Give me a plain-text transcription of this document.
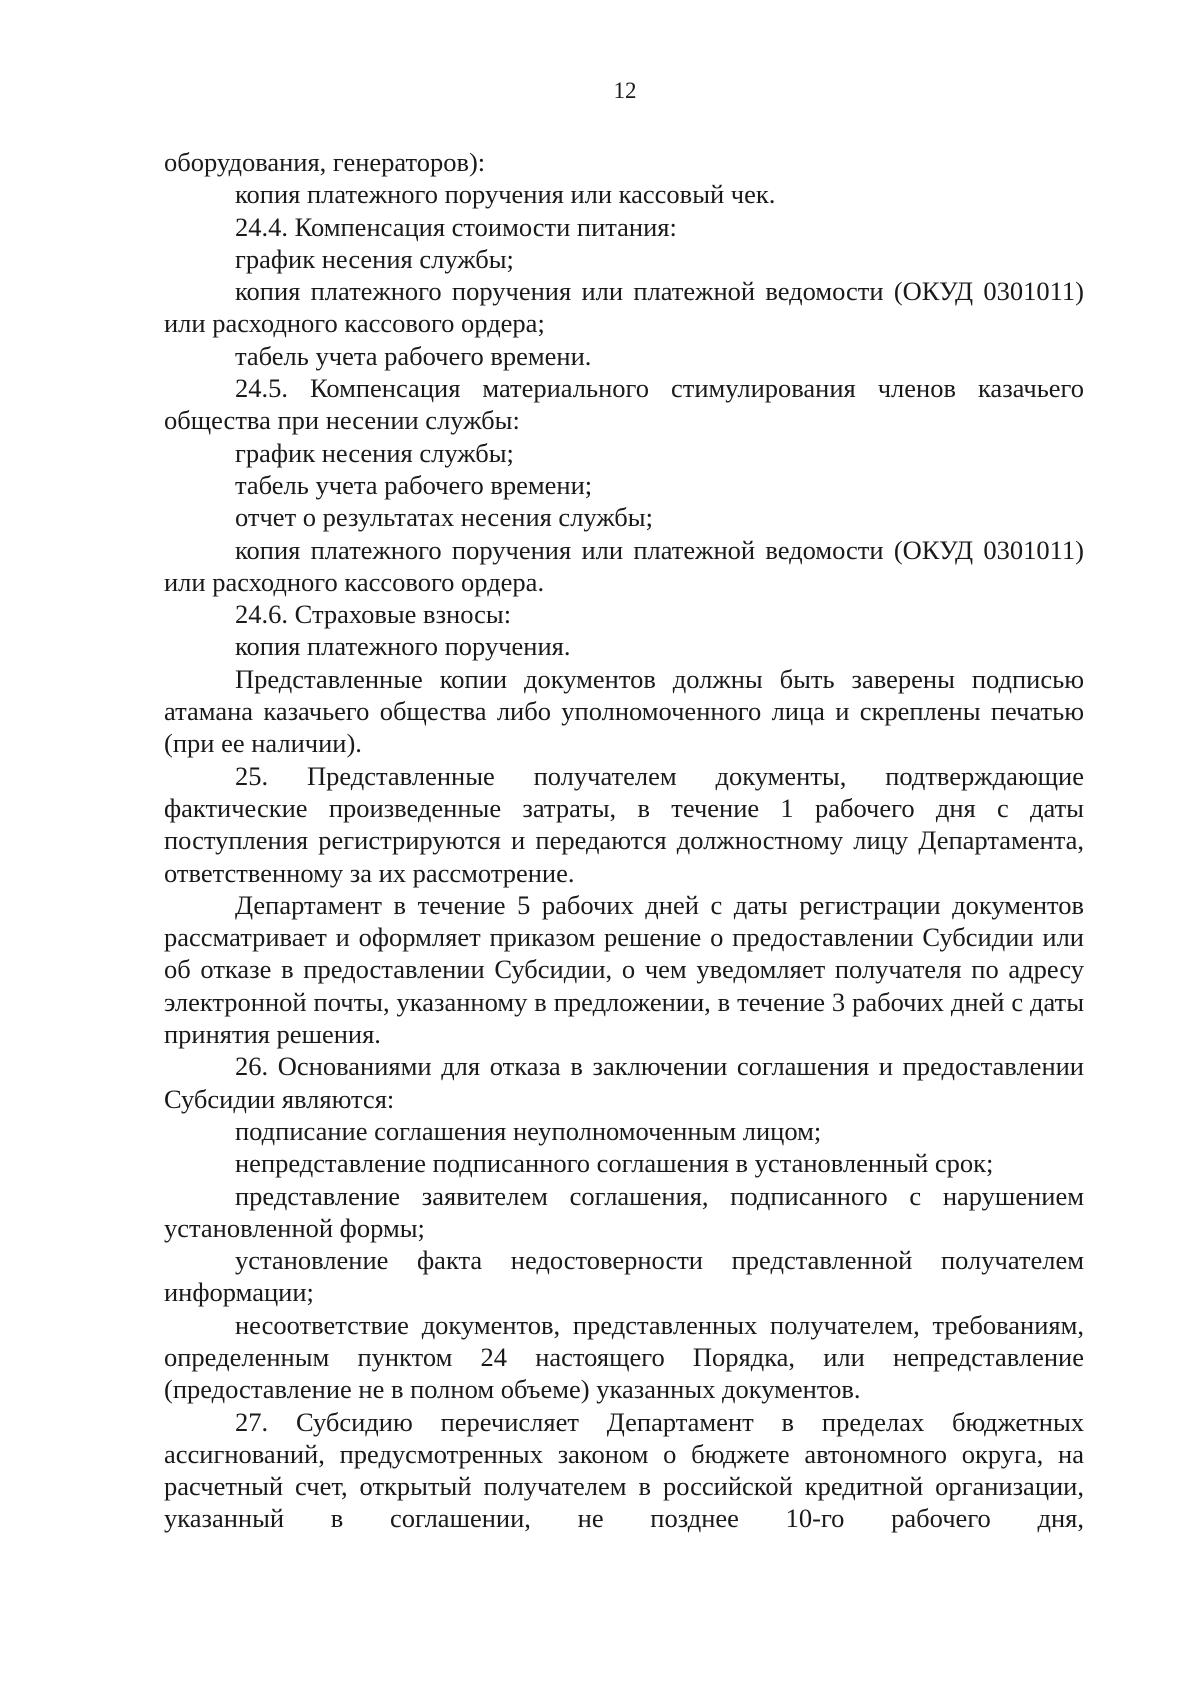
12

оборудования, генераторов):

копия платежного поручения или кассовый чек.

24.4. Компенсация стоимости питания:

график несения службы;

копия платежного поручения или платежной ведомости (ОКУД 0301011) или расходного кассового ордера;

табель учета рабочего времени.

24.5. Компенсация материального стимулирования членов казачьего общества при несении службы:

график несения службы;

табель учета рабочего времени;

отчет о результатах несения службы;

копия платежного поручения или платежной ведомости (ОКУД 0301011) или расходного кассового ордера.

24.6. Страховые взносы:

копия платежного поручения.

Представленные копии документов должны быть заверены подписью атамана казачьего общества либо уполномоченного лица и скреплены печатью (при ее наличии).

25. Представленные получателем документы, подтверждающие фактические произведенные затраты, в течение 1 рабочего дня с даты поступления регистрируются и передаются должностному лицу Департамента, ответственному за их рассмотрение.

Департамент в течение 5 рабочих дней с даты регистрации документов рассматривает и оформляет приказом решение о предоставлении Субсидии или об отказе в предоставлении Субсидии, о чем уведомляет получателя по адресу электронной почты, указанному в предложении, в течение 3 рабочих дней с даты принятия решения.

26. Основаниями для отказа в заключении соглашения и предоставлении Субсидии являются:

подписание соглашения неуполномоченным лицом;

непредставление подписанного соглашения в установленный срок;

представление заявителем соглашения, подписанного с нарушением установленной формы;

установление факта недостоверности представленной получателем информации;

несоответствие документов, представленных получателем, требованиям, определенным пунктом 24 настоящего Порядка, или непредставление (предоставление не в полном объеме) указанных документов.

27. Субсидию перечисляет Департамент в пределах бюджетных ассигнований, предусмотренных законом о бюджете автономного округа, на расчетный счет, открытый получателем в российской кредитной организации, указанный в соглашении, не позднее 10-го рабочего дня,
